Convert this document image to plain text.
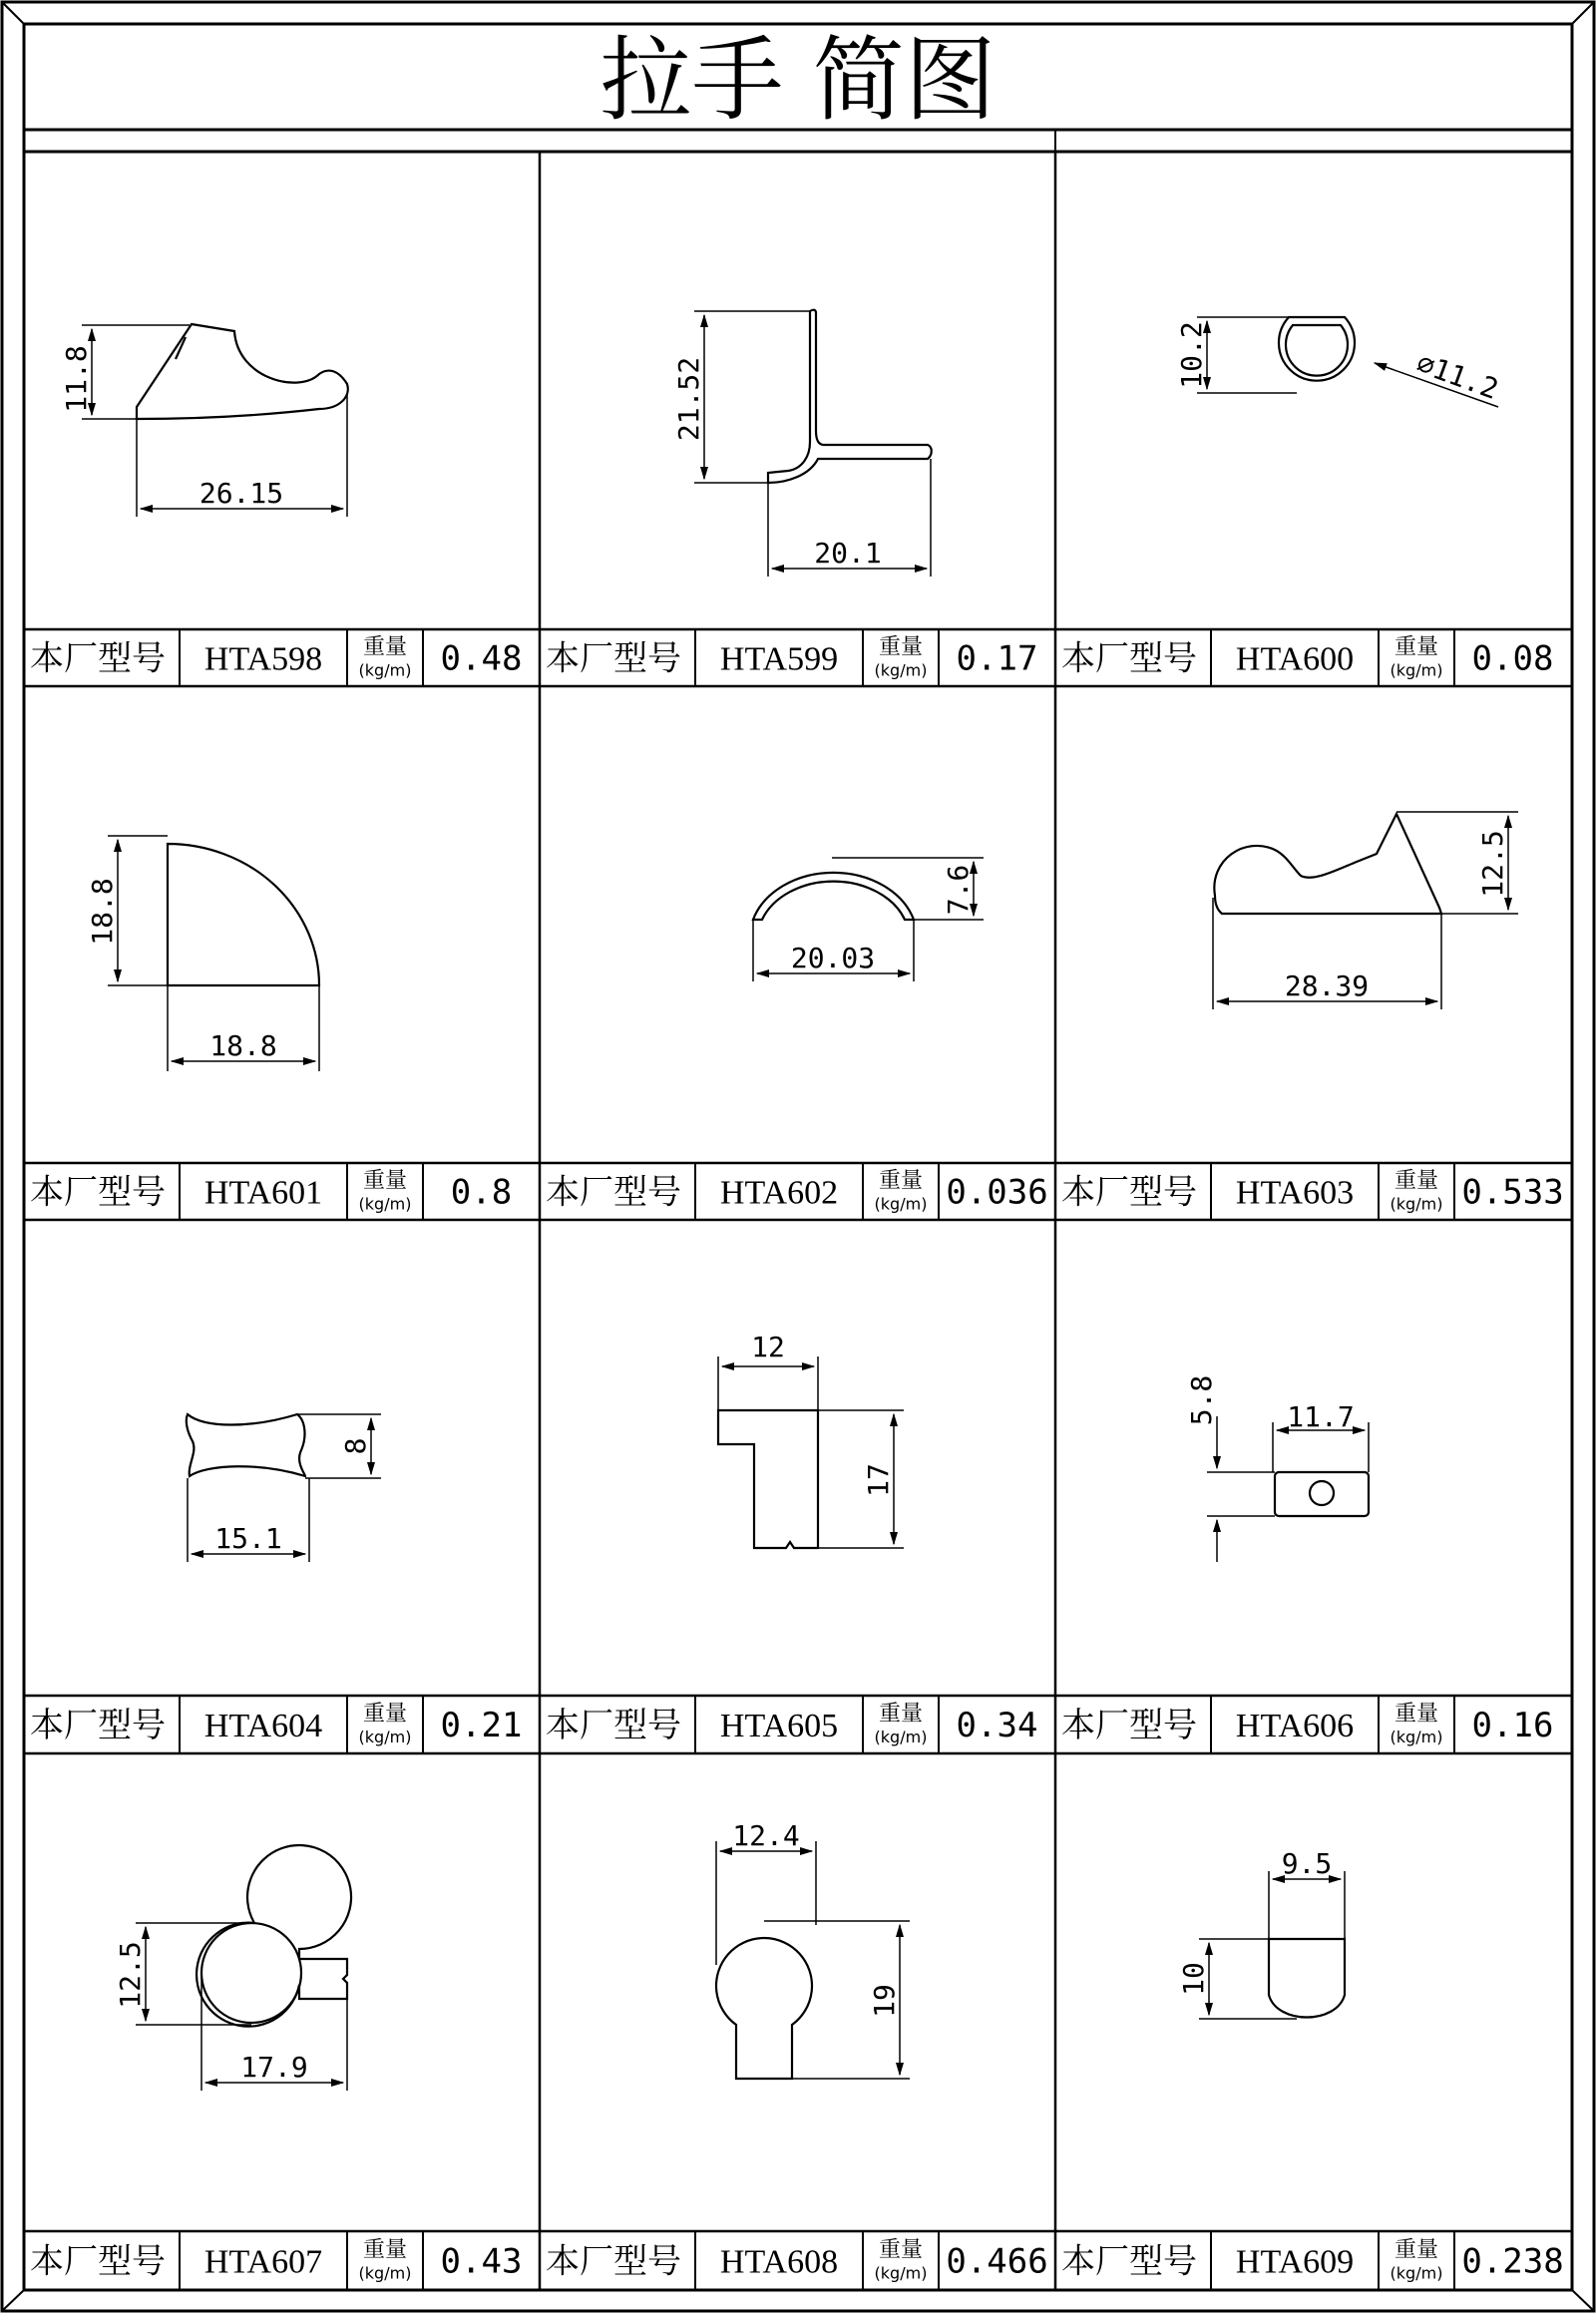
拉手 简图
本厂型号 HTA598 重量
(kg/m) 0.48 本厂型号 HTA599 重量
(kg/m) 0.17 本厂型号 HTA600 重量
(kg/m) 0.08
本厂型号 HTA601 重量
(kg/m) 0.8 本厂型号 HTA602 重量
(kg/m) 0.036 本厂型号 HTA603 重量
(kg/m) 0.533
本厂型号 HTA604 重量
(kg/m) 0.21 本厂型号 HTA605 重量
(kg/m) 0.34 本厂型号 HTA606 重量
(kg/m) 0.16
本厂型号 HTA607 重量
(kg/m) 0.43 本厂型号 HTA608 重量
(kg/m) 0.466 本厂型号 HTA609 重量
(kg/m) 0.238
11.8
26.15
21.52
20.1
10.2	⌀11.2
18.8
18.8
7.6
20.03
12.5
28.39
8
15.1
12
17
5.8 11.7
12.5
17.9
12.4
19
9.5
10
